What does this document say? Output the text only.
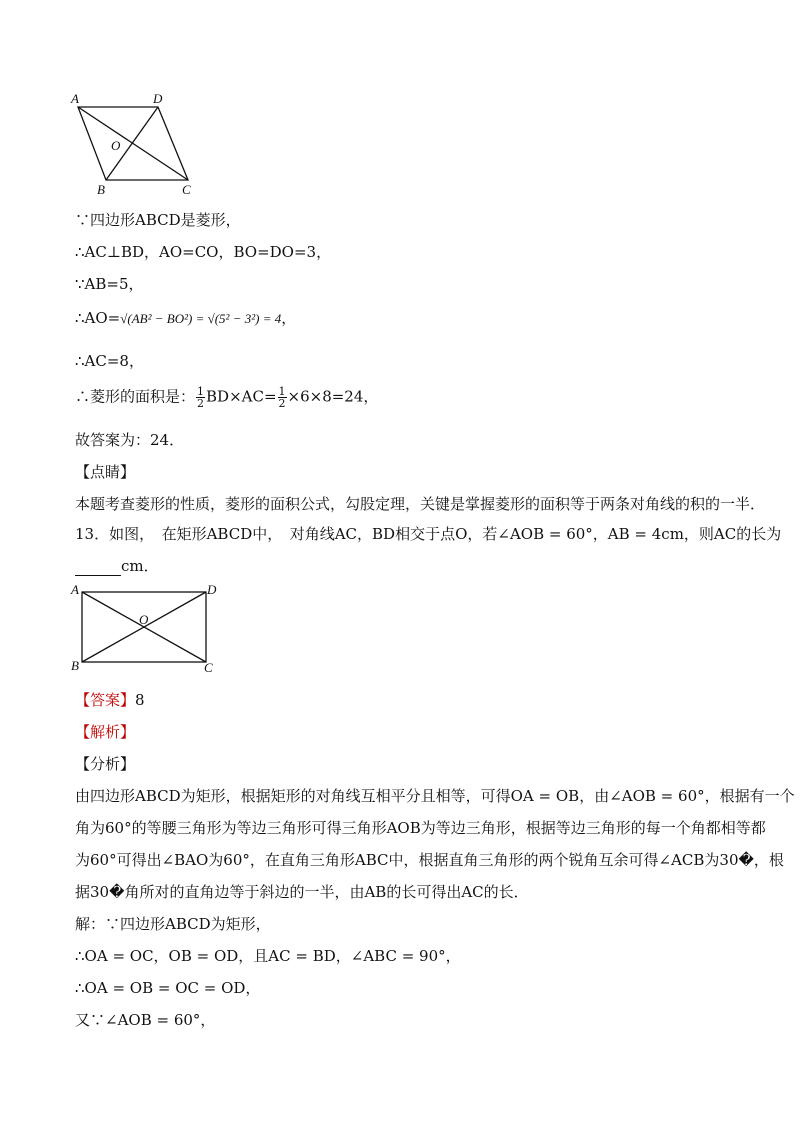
A	D
O
B	C
∵四边形ABCD是菱形，
∴AC⊥BD，AO=CO，BO=DO=3，
∵AB=5，
∴AO=√(AB² − BO²) = √(5² − 3²) = 4，
∴AC=8，
∴菱形的面积是： $\frac{1}{2} BD\times AC= \frac{1}{2} \times 6\times 8=24$，
故答案为：24．
【点睛】
本题考查菱形的性质，菱形的面积公式，勾股定理，关键是掌握菱形的面积等于两条对角线的积的一半．
13．如图，　在矩形ABCD中，　对角线AC，BD相交于点O，若∠AOB = 60°，AB = 4cm，则AC的长为
cm．
A	D
O
B	C
【答案】8
【解析】
【分析】
由四边形ABCD为矩形，根据矩形的对角线互相平分且相等，可得OA = OB，由∠AOB = 60°，根据有一个
角为60°的等腰三角形为等边三角形可得三角形AOB为等边三角形，根据等边三角形的每一个角都相等都
为60°可得出∠BAO为60°，在直角三角形ABC中，根据直角三角形的两个锐角互余可得∠ACB为30�，根
据30�角所对的直角边等于斜边的一半，由AB的长可得出AC的长．
解：∵四边形ABCD为矩形，
∴OA = OC，OB = OD，且AC = BD，∠ABC = 90°，
∴OA = OB = OC = OD，
又∵∠AOB = 60°，
